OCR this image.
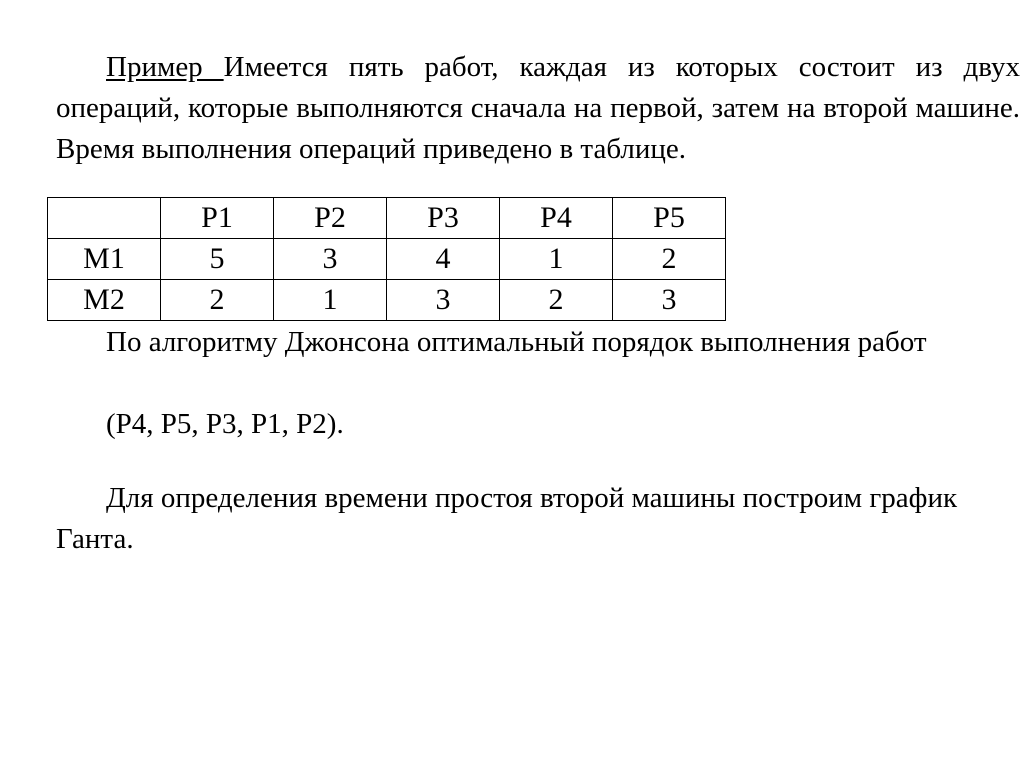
Пример Имеется пять работ, каждая из которых состоит из двух операций, которые выполняются сначала на первой, затем на второй машине. Время выполнения операций приведено в таблице.

	P1	P2	P3	P4	P5
M1	5	3	4	1	2
M2	2	1	3	2	3

По алгоритму Джонсона оптимальный порядок выполнения работ

(P4, P5, P3, P1, P2).

Для определения времени простоя второй машины построим график Ганта.
